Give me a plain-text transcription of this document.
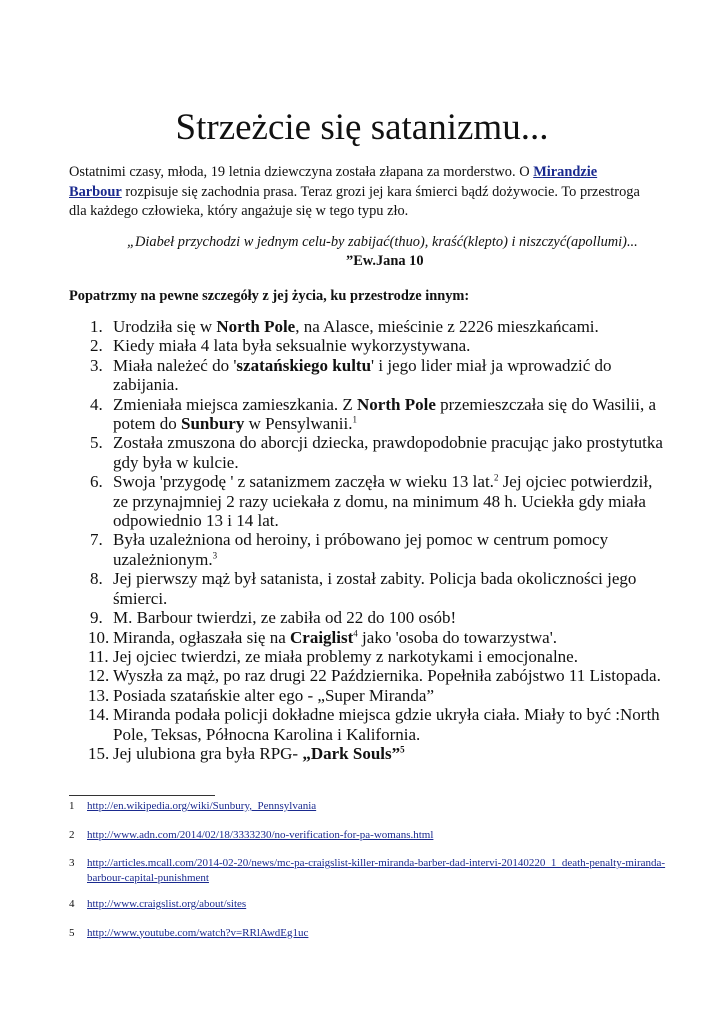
Strzeżcie się satanizmu...

Ostatnimi czasy, młoda, 19 letnia dziewczyna została złapana za morderstwo. O Mirandzie
Barbour rozpisuje się zachodnia prasa. Teraz grozi jej kara śmierci bądź dożywocie. To przestroga dla każdego człowieka, który angażuje się w tego typu zło.

„Diabeł przychodzi w jednym celu-by zabijać(thuo), kraść(klepto) i niszczyć(apollumi)...
”Ew.Jana 10

Popatrzmy na pewne szczegóły z jej życia, ku przestrodze innym:

1. Urodziła się w North Pole, na Alasce, mieścinie z 2226 mieszkańcami.
2. Kiedy miała 4 lata była seksualnie wykorzystywana.
3. Miała należeć do 'szatańskiego kultu' i jego lider miał ja wprowadzić do zabijania.
4. Zmieniała miejsca zamieszkania. Z North Pole przemieszczała się do Wasilii, a potem do Sunbury w Pensylwanii.$^1$
5. Została zmuszona do aborcji dziecka, prawdopodobnie pracując jako prostytutka gdy była w kulcie.
6. Swoja 'przygodę ' z satanizmem zaczęła w wieku 13 lat.$^2$ Jej ojciec potwierdził, ze przynajmniej 2 razy uciekała z domu, na minimum 48 h. Uciekła gdy miała odpowiednio 13 i 14 lat.
7. Była uzależniona od heroiny, i próbowano jej pomoc w centrum pomocy uzależnionym.$^3$
8. Jej pierwszy mąż był satanista, i został zabity. Policja bada okoliczności jego śmierci.
9. M. Barbour twierdzi, ze zabiła od 22 do 100 osób!
10. Miranda, ogłaszała się na Craiglist$^4$ jako 'osoba do towarzystwa'.
11. Jej ojciec twierdzi, ze miała problemy z narkotykami i emocjonalne.
12. Wyszła za mąż, po raz drugi 22 Października. Popełniła zabójstwo 11 Listopada.
13. Posiada szatańskie alter ego - „Super Miranda”
14. Miranda podała policji dokładne miejsca gdzie ukryła ciała. Miały to być :North Pole, Teksas, Północna Karolina i Kalifornia.
15. Jej ulubiona gra była RPG- „Dark Souls”$^5$
1 http://en.wikipedia.org/wiki/Sunbury,_Pennsylvania
2 http://www.adn.com/2014/02/18/3333230/no-verification-for-pa-womans.html
3 http://articles.mcall.com/2014-02-20/news/mc-pa-craigslist-killer-miranda-barber-dad-intervi-20140220_1_death-penalty-miranda-barbour-capital-punishment
4 http://www.craigslist.org/about/sites
5 http://www.youtube.com/watch?v=RRlAwdEg1uc
